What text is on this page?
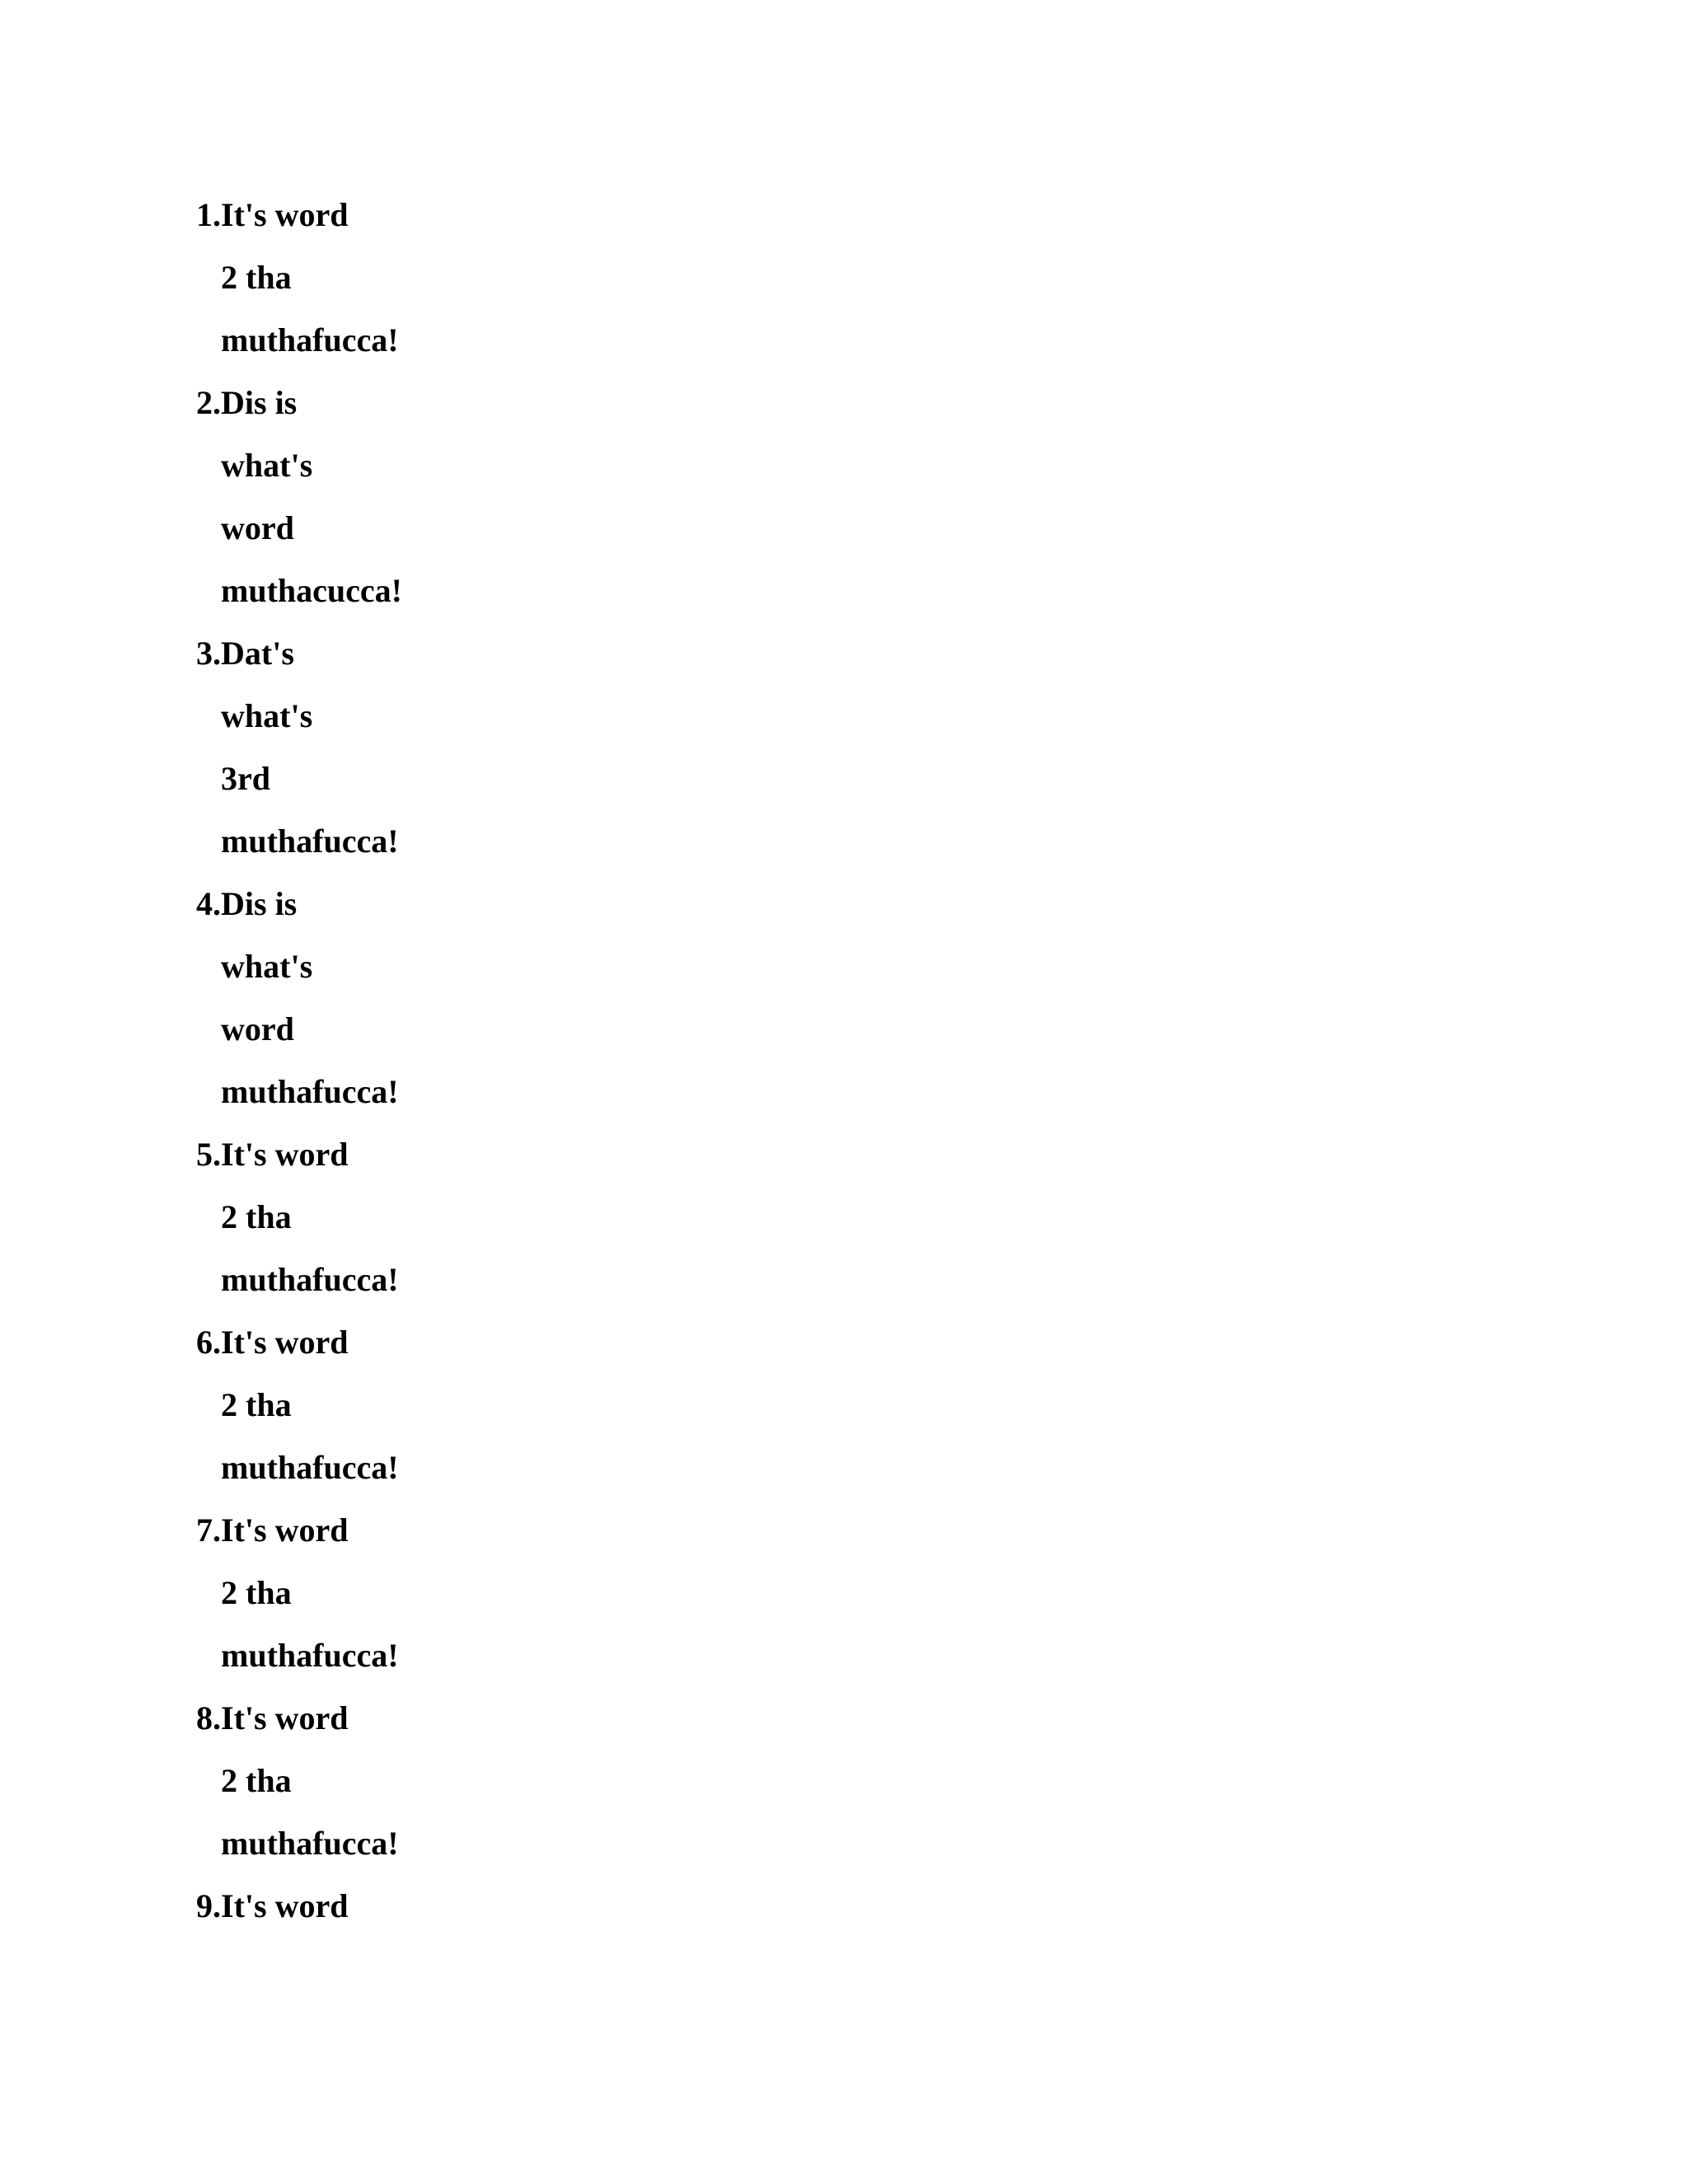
1.It's word
2 tha
muthafucca!
2.Dis is
what's
word
muthacucca!
3.Dat's
what's
3rd
muthafucca!
4.Dis is
what's
word
muthafucca!
5.It's word
2 tha
muthafucca!
6.It's word
2 tha
muthafucca!
7.It's word
2 tha
muthafucca!
8.It's word
2 tha
muthafucca!
9.It's word
